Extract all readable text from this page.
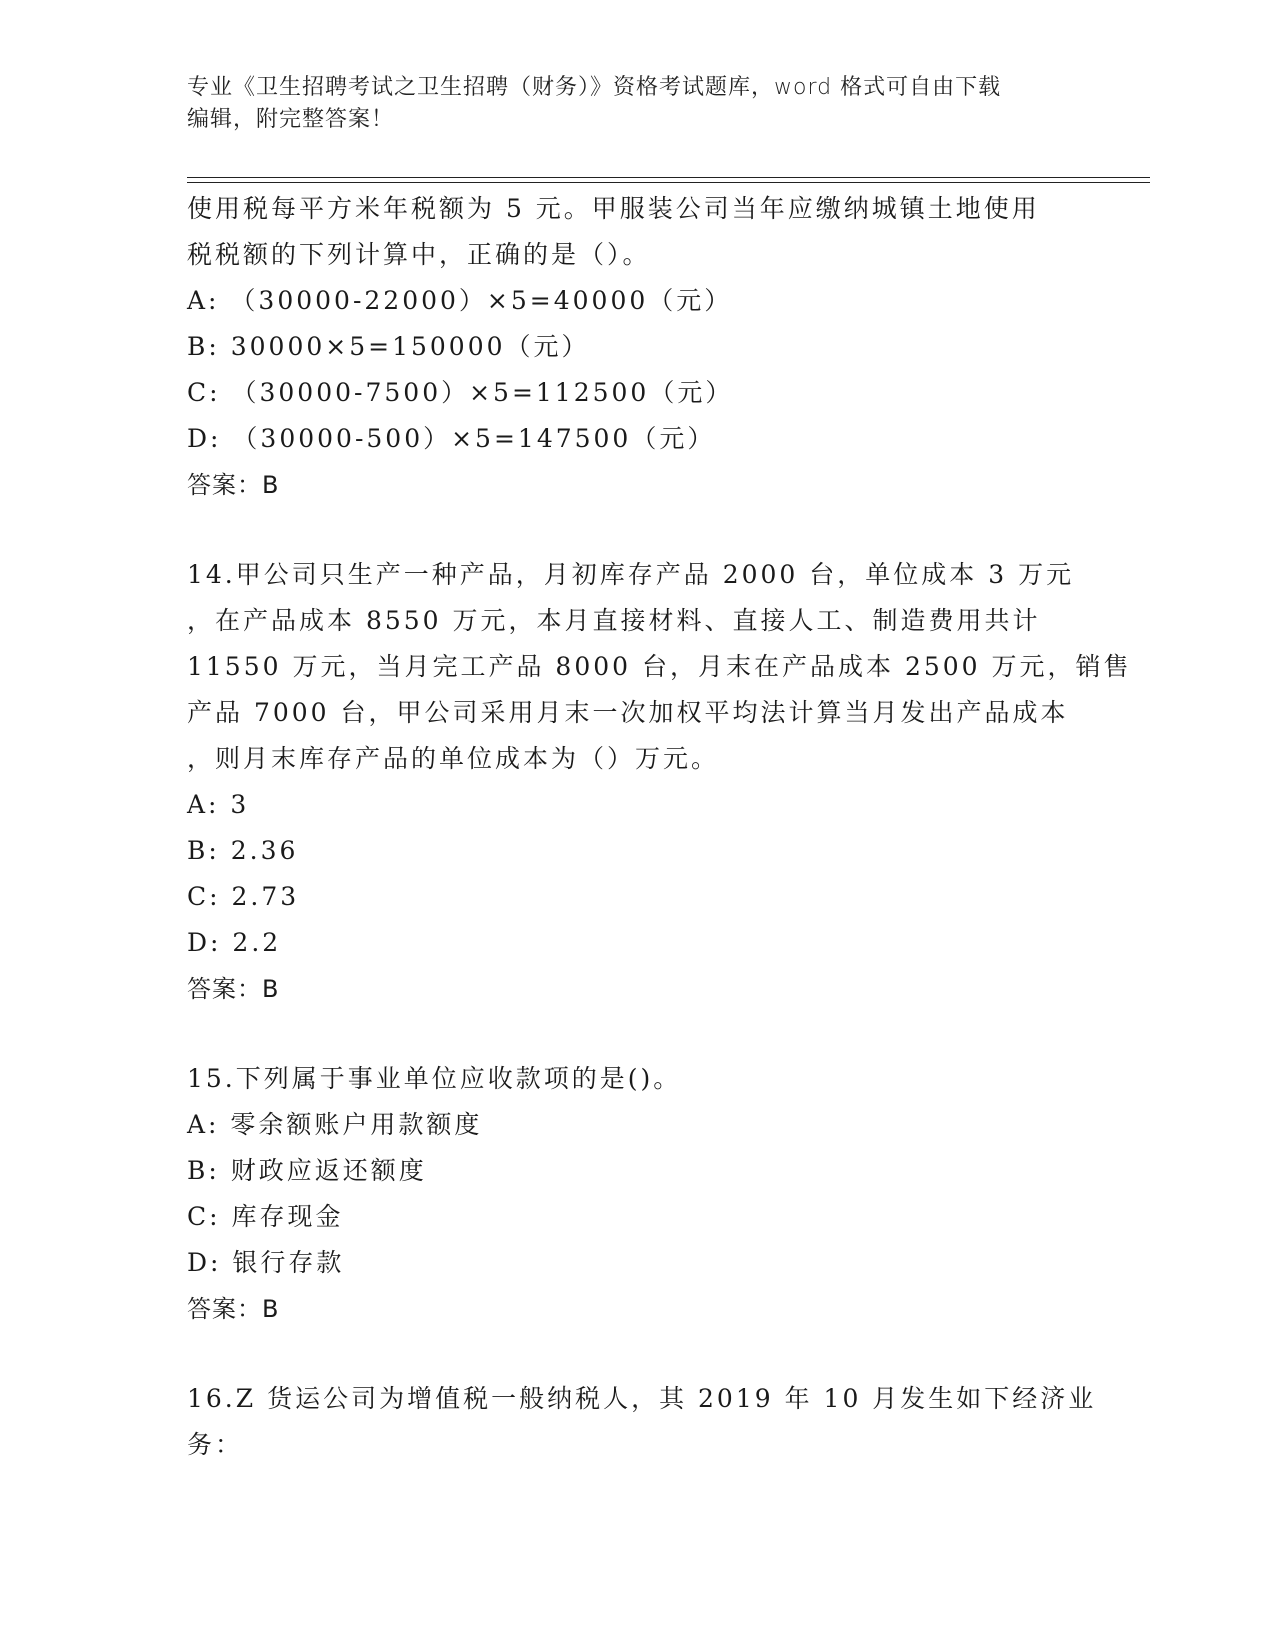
专业《卫生招聘考试之卫生招聘（财务）》资格考试题库，word 格式可自由下载
编辑，附完整答案！
使用税每平方米年税额为 5 元。甲服装公司当年应缴纳城镇土地使用
税税额的下列计算中，正确的是（）。
A: （30000-22000）×5=40000（元）
B: 30000×5=150000（元）
C: （30000-7500）×5=112500（元）
D: （30000-500）×5=147500（元）
答案：B
14.甲公司只生产一种产品，月初库存产品 2000 台，单位成本 3 万元
，在产品成本 8550 万元，本月直接材料、直接人工、制造费用共计
11550 万元，当月完工产品 8000 台，月末在产品成本 2500 万元，销售
产品 7000 台，甲公司采用月末一次加权平均法计算当月发出产品成本
，则月末库存产品的单位成本为（）万元。
A: 3
B: 2.36
C: 2.73
D: 2.2
答案：B
15.下列属于事业单位应收款项的是()。
A: 零余额账户用款额度
B: 财政应返还额度
C: 库存现金
D: 银行存款
答案：B
16.Z 货运公司为增值税一般纳税人，其 2019 年 10 月发生如下经济业
务：
